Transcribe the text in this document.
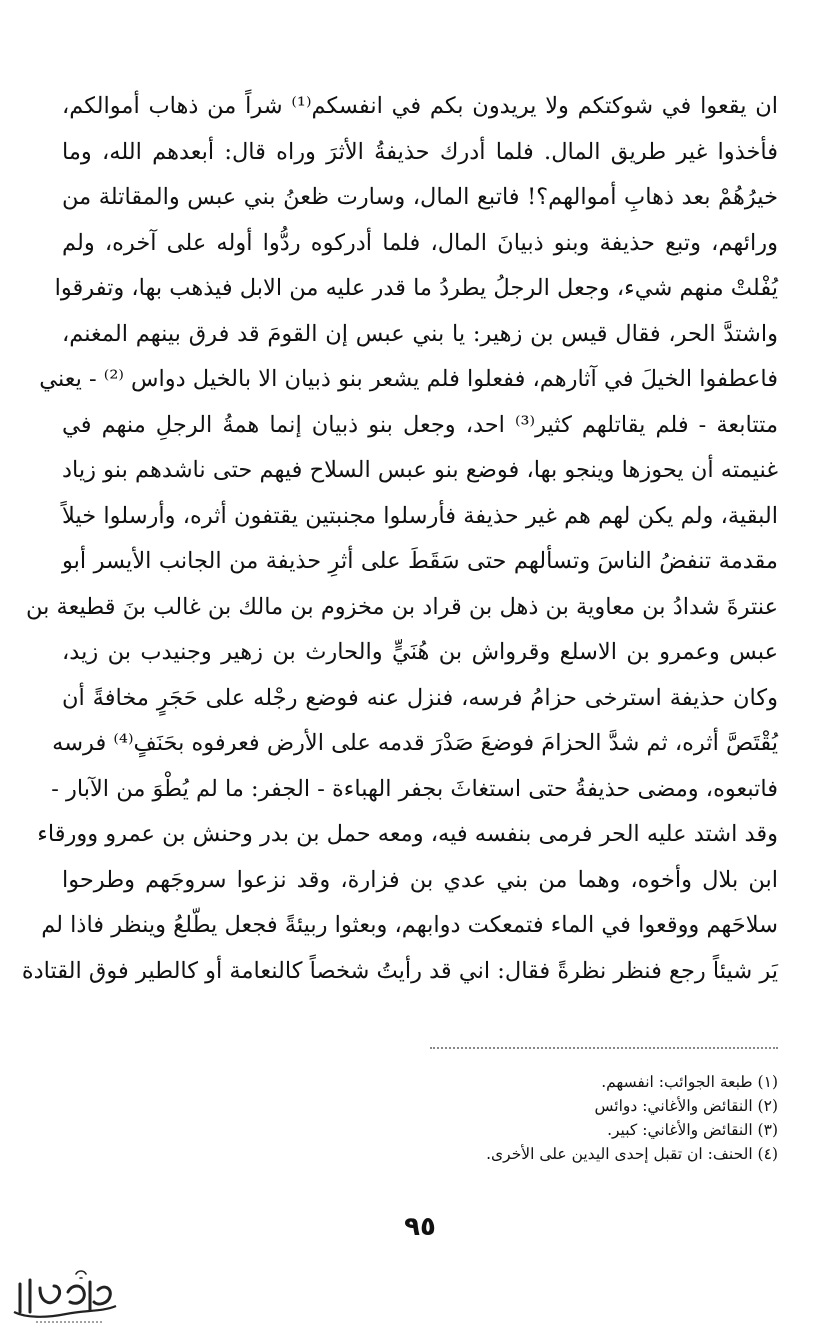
ان يقعوا في شوكتكم ولا يريدون بكم في انفسكم⁽¹⁾ شراً من ذهاب أموالكم،
فأخذوا غير طريق المال. فلما أدرك حذيفةُ الأثرَ وراه قال: أبعدهم الله، وما
خيرُهُمْ بعد ذهابِ أموالهم؟! فاتبع المال، وسارت ظعنُ بني عبس والمقاتلة من
ورائهم، وتبع حذيفة وبنو ذبيانَ المال، فلما أدركوه ردُّوا أوله على آخره، ولم
يُفْلتْ منهم شيء، وجعل الرجلُ يطردُ ما قدر عليه من الابل فيذهب بها، وتفرقوا
واشتدَّ الحر، فقال قيس بن زهير: يا بني عبس إن القومَ قد فرق بينهم المغنم،
فاعطفوا الخيلَ في آثارهم، ففعلوا فلم يشعر بنو ذبيان الا بالخيل دواس ⁽²⁾ - يعني
متتابعة - فلم يقاتلهم كثير⁽³⁾ احد، وجعل بنو ذبيان إنما همةُ الرجلِ منهم في
غنيمته أن يحوزها وينجو بها، فوضع بنو عبس السلاح فيهم حتى ناشدهم بنو زياد
البقية، ولم يكن لهم هم غير حذيفة فأرسلوا مجنبتين يقتفون أثره، وأرسلوا خيلاً
مقدمة تنفضُ الناسَ وتسألهم حتى سَقَطَ على أثرِ حذيفة من الجانب الأيسر أبو
عنترةَ شدادُ بن معاوية بن ذهل بن قراد بن مخزوم بن مالك بن غالب بنَ قطيعة بن
عبس وعمرو بن الاسلع وقرواش بن هُنَيٍّ والحارث بن زهير وجنيدب بن زيد،
وكان حذيفة استرخى حزامُ فرسه، فنزل عنه فوضع رجْله على حَجَرٍ مخافةً أن
يُقْتَصَّ أثره، ثم شدَّ الحزامَ فوضعَ صَدْرَ قدمه على الأرض فعرفوه بحَنَفٍ⁽⁴⁾ فرسه
فاتبعوه، ومضى حذيفةُ حتى استغاثَ بجفر الهباءة - الجفر: ما لم يُطْوَ من الآبار -
وقد اشتد عليه الحر فرمى بنفسه فيه، ومعه حمل بن بدر وحنش بن عمرو وورقاء
ابن بلال وأخوه، وهما من بني عدي بن فزارة، وقد نزعوا سروجَهم وطرحوا
سلاحَهم ووقعوا في الماء فتمعكت دوابهم، وبعثوا ربيئةً فجعل يطّلعُ وينظر فاذا لم
يَر شيئاً رجع فنظر نظرةً فقال: اني قد رأيتُ شخصاً كالنعامة أو كالطير فوق القتادة
(١) طبعة الجوائب: انفسهم.
(٢) النقائض والأغاني: دوائس
(٣) النقائض والأغاني: كبير.
(٤) الحنف: ان تقبل إحدى اليدين على الأخرى.
٩٥
